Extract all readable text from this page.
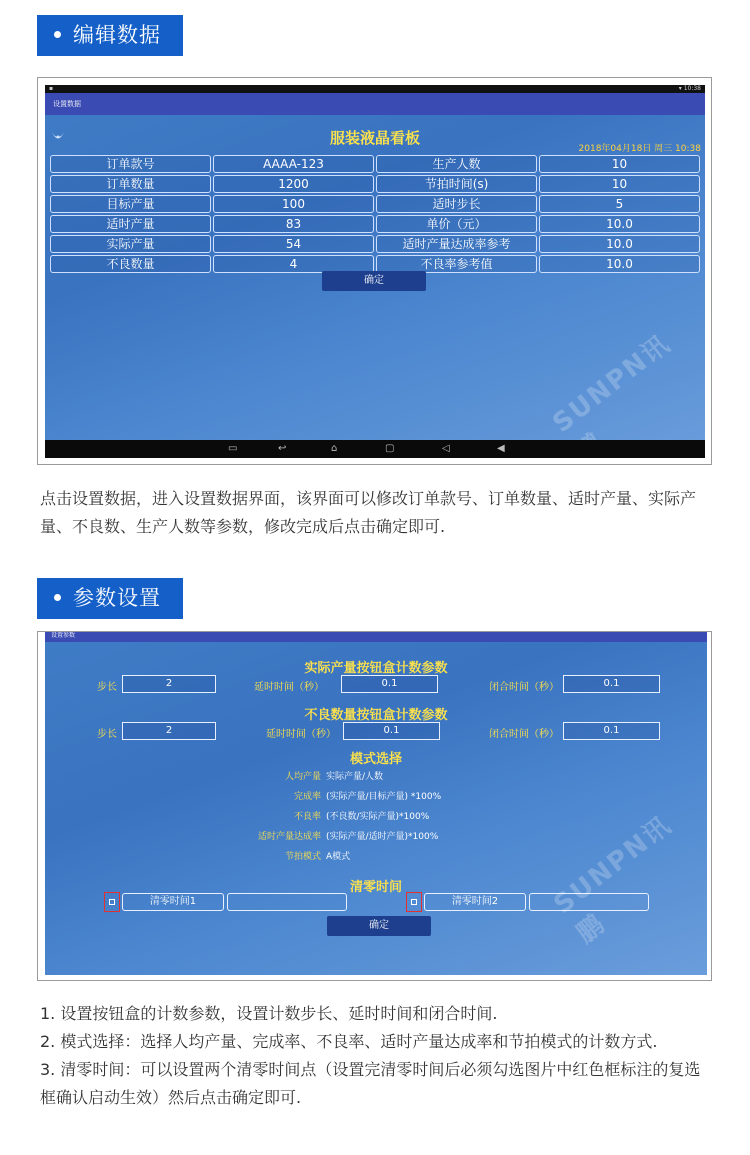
编辑数据
▪	▾ 10:38
设置数据
服装液晶看板
2018年04月18日 周三 10:38
订单款号	AAAA-123	生产人数	10
订单数量	1200	节拍时间(s)	10
目标产量	100	适时步长	5
适时产量	83	单价（元）	10.0
实际产量	54	适时产量达成率参考	10.0
不良数量	4	不良率参考值	10.0
确定
SUNPN讯鹏
▭	↩	⌂	▢	◁	◀
点击设置数据，进入设置数据界面，该界面可以修改订单款号、订单数量、适时产量、实际产量、不良数、生产人数等参数，修改完成后点击确定即可.
参数设置
设置参数
实际产量按钮盒计数参数
步长	2	延时时间（秒）	0.1	闭合时间（秒）	0.1
不良数量按钮盒计数参数
步长	2	延时时间（秒）	0.1	闭合时间（秒）	0.1
模式选择
人均产量 实际产量/人数
完成率 (实际产量/目标产量) *100%
不良率 (不良数/实际产量)*100%
适时产量达成率 (实际产量/适时产量)*100%
节拍模式 A模式
清零时间
清零时间1	清零时间2
确定
SUNPN讯鹏
1. 设置按钮盒的计数参数，设置计数步长、延时时间和闭合时间.
2. 模式选择：选择人均产量、完成率、不良率、适时产量达成率和节拍模式的计数方式.
3. 清零时间：可以设置两个清零时间点（设置完清零时间后必须勾选图片中红色框标注的复选框确认启动生效）然后点击确定即可.
